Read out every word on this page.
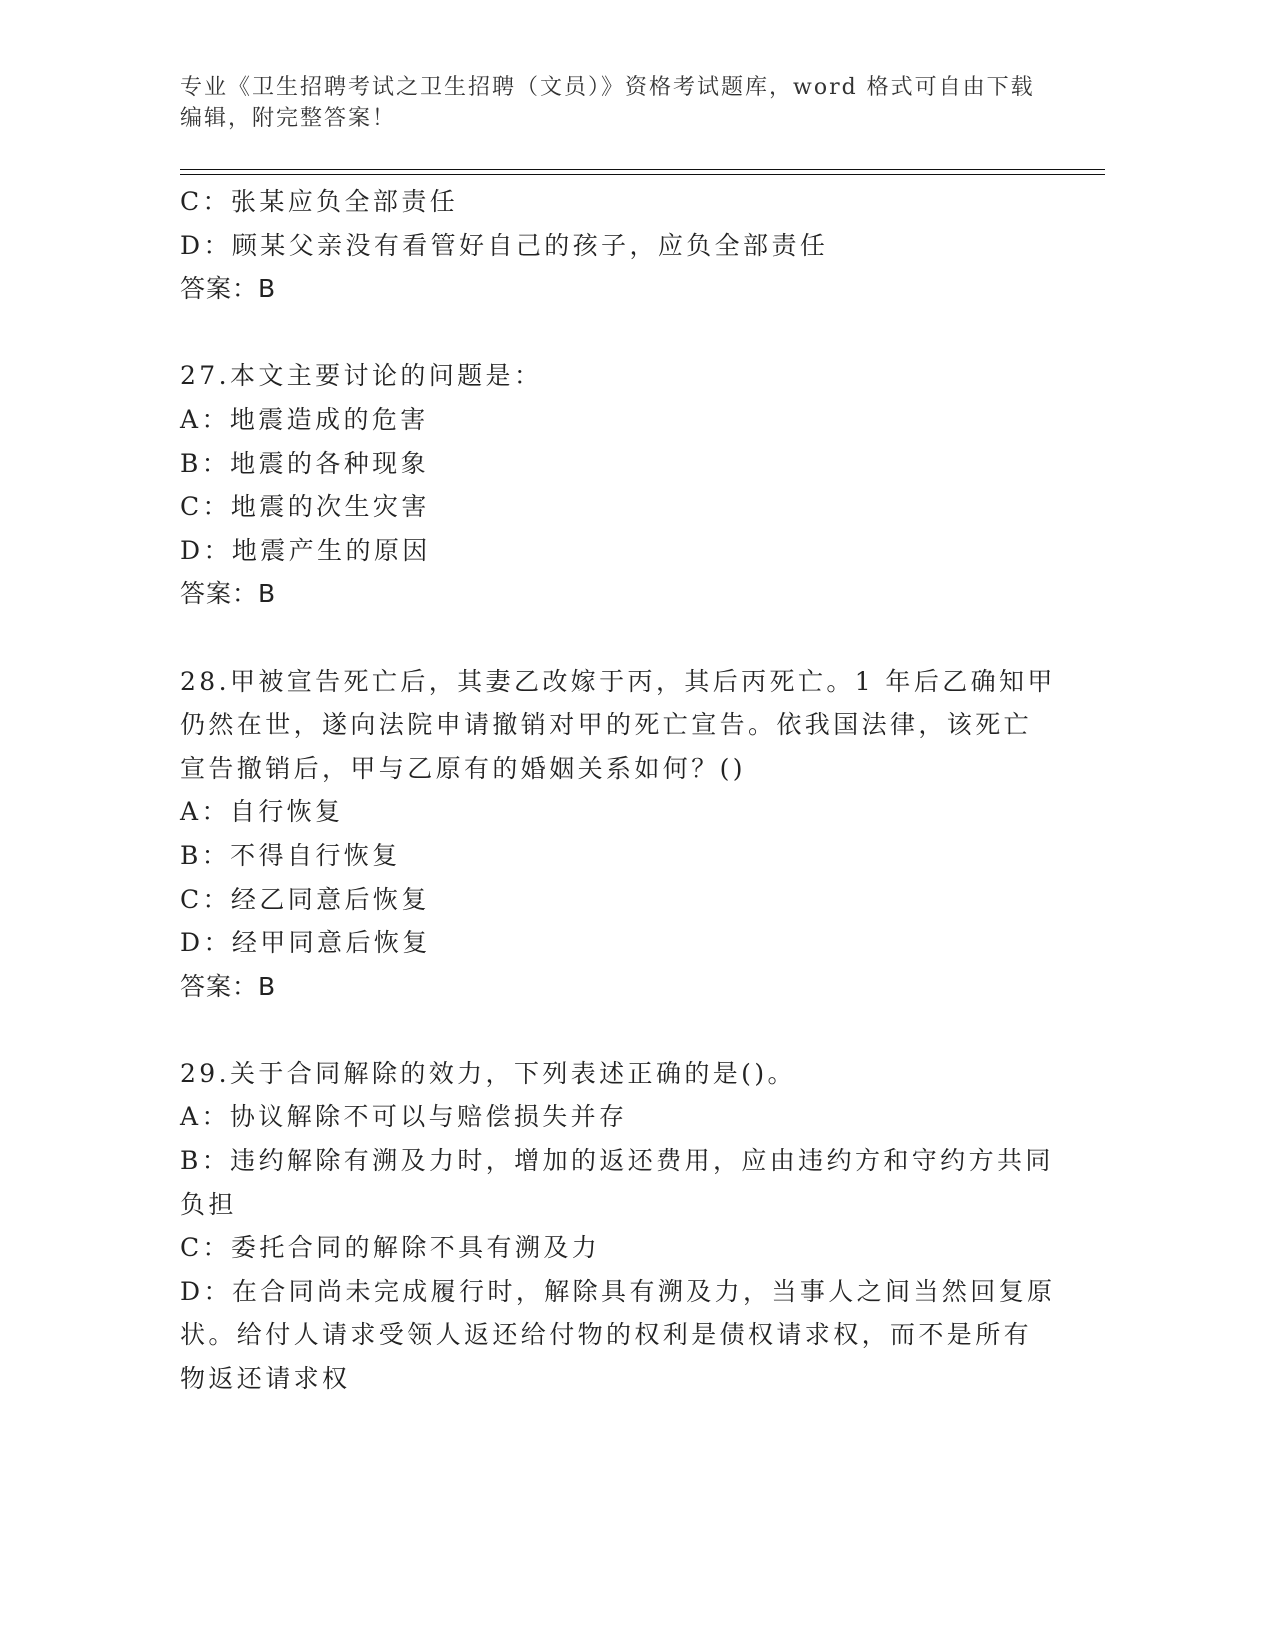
专业《卫生招聘考试之卫生招聘（文员）》资格考试题库，word 格式可自由下载
编辑，附完整答案！
C：张某应负全部责任
D：顾某父亲没有看管好自己的孩子，应负全部责任
答案：B
27.本文主要讨论的问题是：
A：地震造成的危害
B：地震的各种现象
C：地震的次生灾害
D：地震产生的原因
答案：B
28.甲被宣告死亡后，其妻乙改嫁于丙，其后丙死亡。1 年后乙确知甲
仍然在世，遂向法院申请撤销对甲的死亡宣告。依我国法律，该死亡
宣告撤销后，甲与乙原有的婚姻关系如何？()
A：自行恢复
B：不得自行恢复
C：经乙同意后恢复
D：经甲同意后恢复
答案：B
29.关于合同解除的效力，下列表述正确的是()。
A：协议解除不可以与赔偿损失并存
B：违约解除有溯及力时，增加的返还费用，应由违约方和守约方共同
负担
C：委托合同的解除不具有溯及力
D：在合同尚未完成履行时，解除具有溯及力，当事人之间当然回复原
状。给付人请求受领人返还给付物的权利是债权请求权，而不是所有
物返还请求权
